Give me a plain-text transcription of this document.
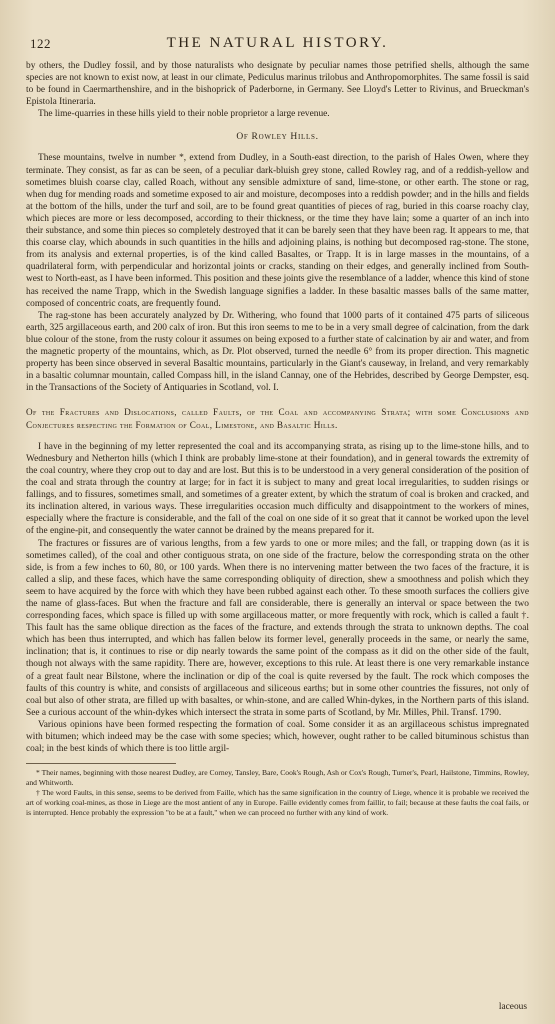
122	THE NATURAL HISTORY.

by others, the Dudley fossil, and by those naturalists who designate by peculiar names those petrified shells, although the same species are not known to exist now, at least in our climate, Pediculus marinus trilobus and Anthropomorphites. The same fossil is said to be found in Caermarthenshire, and in the bishoprick of Paderborne, in Germany. See Lloyd's Letter to Rivinus, and Brueckman's Epistola Itineraria.

The lime-quarries in these hills yield to their noble proprietor a large revenue.

Of Rowley Hills.

These mountains, twelve in number *, extend from Dudley, in a South-east direction, to the parish of Hales Owen, where they terminate. They consist, as far as can be seen, of a peculiar dark-bluish grey stone, called Rowley rag, and of a reddish-yellow and sometimes bluish coarse clay, called Roach, without any sensible admixture of sand, lime-stone, or other earth. The stone or rag, when dug for mending roads and sometime exposed to air and moisture, decomposes into a reddish powder; and in the hills and fields at the bottom of the hills, under the turf and soil, are to be found great quantities of pieces of rag, buried in this coarse roachy clay, which pieces are more or less decomposed, according to their thickness, or the time they have lain; some a quarter of an inch into their substance, and some thin pieces so completely destroyed that it can be barely seen that they have been rag. It appears to me, that this coarse clay, which abounds in such quantities in the hills and adjoining plains, is nothing but decomposed rag-stone. The stone, from its analysis and external properties, is of the kind called Basaltes, or Trapp. It is in large masses in the mountains, of a quadrilateral form, with perpendicular and horizontal joints or cracks, standing on their edges, and generally inclined from South-west to North-east, as I have been informed. This position and these joints give the resemblance of a ladder, whence this kind of stone has received the name Trapp, which in the Swedish language signifies a ladder. In these basaltic masses balls of the same matter, composed of concentric coats, are frequently found.

The rag-stone has been accurately analyzed by Dr. Withering, who found that 1000 parts of it contained 475 parts of siliceous earth, 325 argillaceous earth, and 200 calx of iron. But this iron seems to me to be in a very small degree of calcination, from the dark blue colour of the stone, from the rusty colour it assumes on being exposed to a further state of calcination by air and water, and from the magnetic property of the mountains, which, as Dr. Plot observed, turned the needle 6° from its proper direction. This magnetic property has been since observed in several Basaltic mountains, particularly in the Giant's causeway, in Ireland, and very remarkably in a basaltic columnar mountain, called Compass hill, in the island Cannay, one of the Hebrides, described by George Dempster, esq. in the Transactions of the Society of Antiquaries in Scotland, vol. I.

Of the Fractures and Dislocations, called Faults, of the Coal and accompanying Strata; with some Conclusions and Conjectures respecting the Formation of Coal, Limestone, and Basaltic Hills.

I have in the beginning of my letter represented the coal and its accompanying strata, as rising up to the lime-stone hills, and to Wednesbury and Netherton hills (which I think are probably lime-stone at their foundation), and in general towards the extremity of the coal country, where they crop out to day and are lost. But this is to be understood in a very general consideration of the position of the coal and strata through the country at large; for in fact it is subject to many and great local irregularities, to sudden risings or fallings, and to fissures, sometimes small, and sometimes of a greater extent, by which the stratum of coal is broken and cracked, and its inclination altered, in various ways. These irregularities occasion much difficulty and disappointment to the workers of mines, especially where the fracture is considerable, and the fall of the coal on one side of it so great that it cannot be worked upon the level of the engine-pit, and consequently the water cannot be drained by the means prepared for it.

The fractures or fissures are of various lengths, from a few yards to one or more miles; and the fall, or trapping down (as it is sometimes called), of the coal and other contiguous strata, on one side of the fracture, below the corresponding strata on the other side, is from a few inches to 60, 80, or 100 yards. When there is no intervening matter between the two faces of the fracture, it is called a slip, and these faces, which have the same corresponding obliquity of direction, shew a smoothness and polish which they seem to have acquired by the force with which they have been rubbed against each other. To these smooth surfaces the colliers give the name of glass-faces. But when the fracture and fall are considerable, there is generally an interval or space between the two corresponding faces, which space is filled up with some argillaceous matter, or more frequently with rock, which is called a fault †. This fault has the same oblique direction as the faces of the fracture, and extends through the strata to unknown depths. The coal which has been thus interrupted, and which has fallen below its former level, generally proceeds in the same, or nearly the same, inclination; that is, it continues to rise or dip nearly towards the same point of the compass as it did on the other side of the fault, though not always with the same rapidity. There are, however, exceptions to this rule. At least there is one very remarkable instance of a great fault near Bilstone, where the inclination or dip of the coal is quite reversed by the fault. The rock which composes the faults of this country is white, and consists of argillaceous and siliceous earths; but in some other countries the fissures, not only of coal but also of other strata, are filled up with basaltes, or whin-stone, and are called Whin-dykes, in the Northern parts of this island. See a curious account of the whin-dykes which intersect the strata in some parts of Scotland, by Mr. Milles, Phil. Transf. 1790.

Various opinions have been formed respecting the formation of coal. Some consider it as an argillaceous schistus impregnated with bitumen; which indeed may be the case with some species; which, however, ought rather to be called bituminous schistus than coal; in the best kinds of which there is too little argil-

* Their names, beginning with those nearest Dudley, are Corney, Tansley, Bare, Cook's Rough, Ash or Cox's Rough, Turner's, Pearl, Hailstone, Timmins, Rowley, and Whitworth.

† The word Faults, in this sense, seems to be derived from Faille, which has the same signification in the country of Liege, whence it is probable we received the art of working coal-mines, as those in Liege are the most antient of any in Europe. Faille evidently comes from faillir, to fail; because at these faults the coal fails, or is interrupted. Hence probably the expression "to be at a fault," when we can proceed no further with any kind of work.

laceous
